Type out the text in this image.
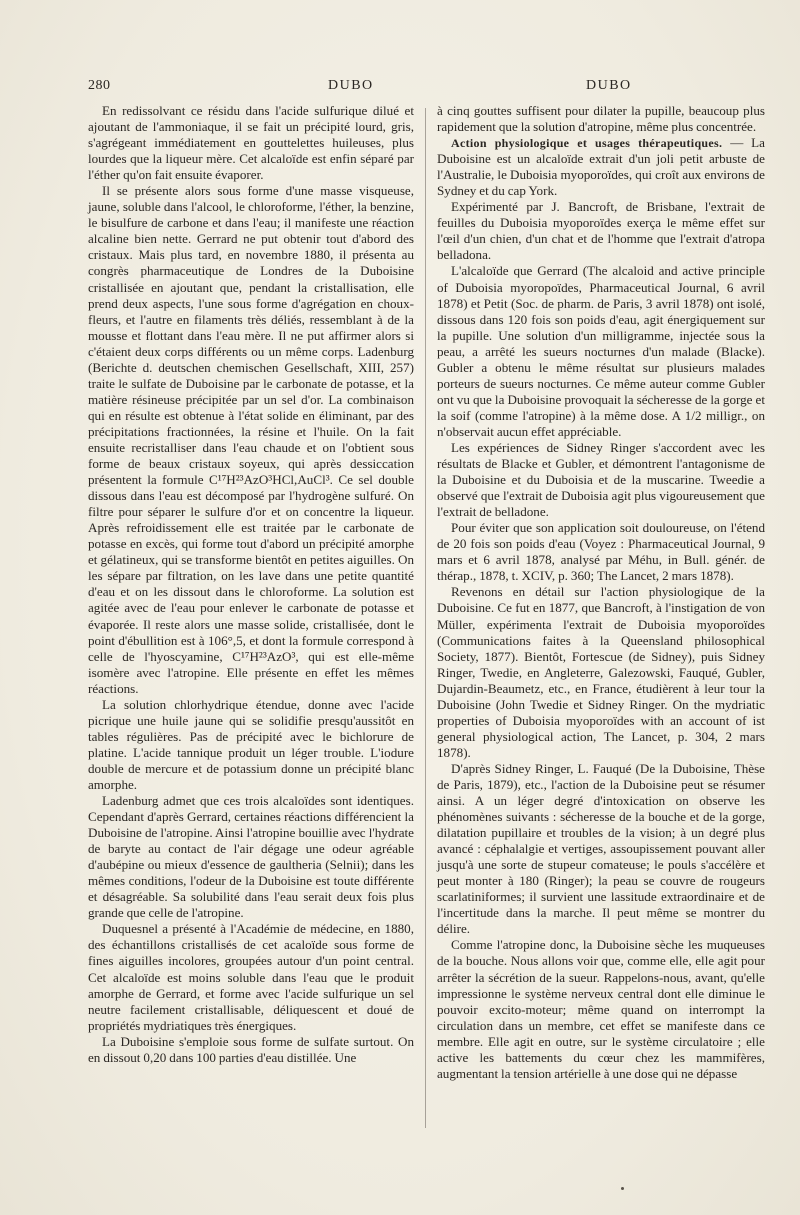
280	DUBO	DUBO

En redissolvant ce résidu dans l'acide sulfurique dilué et ajoutant de l'ammoniaque, il se fait un précipité lourd, gris, s'agrégeant immédiatement en gouttelettes huileuses, plus lourdes que la liqueur mère. Cet alcaloïde est enfin séparé par l'éther qu'on fait ensuite évaporer.

Il se présente alors sous forme d'une masse visqueuse, jaune, soluble dans l'alcool, le chloroforme, l'éther, la benzine, le bisulfure de carbone et dans l'eau; il manifeste une réaction alcaline bien nette. Gerrard ne put obtenir tout d'abord des cristaux. Mais plus tard, en novembre 1880, il présenta au congrès pharmaceutique de Londres de la Duboisine cristallisée en ajoutant que, pendant la cristallisation, elle prend deux aspects, l'une sous forme d'agrégation en choux-fleurs, et l'autre en filaments très déliés, ressemblant à de la mousse et flottant dans l'eau mère. Il ne put affirmer alors si c'étaient deux corps différents ou un même corps. Ladenburg (Berichte d. deutschen chemischen Gesellschaft, XIII, 257) traite le sulfate de Duboisine par le carbonate de potasse, et la matière résineuse précipitée par un sel d'or. La combinaison qui en résulte est obtenue à l'état solide en éliminant, par des précipitations fractionnées, la résine et l'huile. On la fait ensuite recristalliser dans l'eau chaude et on l'obtient sous forme de beaux cristaux soyeux, qui après dessiccation présentent la formule C¹⁷H²³AzO³HCl,AuCl³. Ce sel double dissous dans l'eau est décomposé par l'hydrogène sulfuré. On filtre pour séparer le sulfure d'or et on concentre la liqueur. Après refroidissement elle est traitée par le carbonate de potasse en excès, qui forme tout d'abord un précipité amorphe et gélatineux, qui se transforme bientôt en petites aiguilles. On les sépare par filtration, on les lave dans une petite quantité d'eau et on les dissout dans le chloroforme. La solution est agitée avec de l'eau pour enlever le carbonate de potasse et évaporée. Il reste alors une masse solide, cristallisée, dont le point d'ébullition est à 106°,5, et dont la formule correspond à celle de l'hyoscyamine, C¹⁷H²³AzO³, qui est elle-même isomère avec l'atropine. Elle présente en effet les mêmes réactions.

La solution chlorhydrique étendue, donne avec l'acide picrique une huile jaune qui se solidifie presqu'aussitôt en tables régulières. Pas de précipité avec le bichlorure de platine. L'acide tannique produit un léger trouble. L'iodure double de mercure et de potassium donne un précipité blanc amorphe.

Ladenburg admet que ces trois alcaloïdes sont identiques. Cependant d'après Gerrard, certaines réactions différencient la Duboisine de l'atropine. Ainsi l'atropine bouillie avec l'hydrate de baryte au contact de l'air dégage une odeur agréable d'aubépine ou mieux d'essence de gaultheria (Selnii); dans les mêmes conditions, l'odeur de la Duboisine est toute différente et désagréable. Sa solubilité dans l'eau serait deux fois plus grande que celle de l'atropine.

Duquesnel a présenté à l'Académie de médecine, en 1880, des échantillons cristallisés de cet acaloïde sous forme de fines aiguilles incolores, groupées autour d'un point central. Cet alcaloïde est moins soluble dans l'eau que le produit amorphe de Gerrard, et forme avec l'acide sulfurique un sel neutre facilement cristallisable, déliquescent et doué de propriétés mydriatiques très énergiques.

La Duboisine s'emploie sous forme de sulfate surtout. On en dissout 0,20 dans 100 parties d'eau distillée. Une

à cinq gouttes suffisent pour dilater la pupille, beaucoup plus rapidement que la solution d'atropine, même plus concentrée.

Action physiologique et usages thérapeutiques. — La Duboisine est un alcaloïde extrait d'un joli petit arbuste de l'Australie, le Duboisia myoporoïdes, qui croît aux environs de Sydney et du cap York.

Expérimenté par J. Bancroft, de Brisbane, l'extrait de feuilles du Duboisia myoporoïdes exerça le même effet sur l'œil d'un chien, d'un chat et de l'homme que l'extrait d'atropa belladona.

L'alcaloïde que Gerrard (The alcaloid and active principle of Duboisia myoropoïdes, Pharmaceutical Journal, 6 avril 1878) et Petit (Soc. de pharm. de Paris, 3 avril 1878) ont isolé, dissous dans 120 fois son poids d'eau, agit énergiquement sur la pupille. Une solution d'un milligramme, injectée sous la peau, a arrêté les sueurs nocturnes d'un malade (Blacke). Gubler a obtenu le même résultat sur plusieurs malades porteurs de sueurs nocturnes. Ce même auteur comme Gubler ont vu que la Duboisine provoquait la sécheresse de la gorge et la soif (comme l'atropine) à la même dose. A 1/2 milligr., on n'observait aucun effet appréciable.

Les expériences de Sidney Ringer s'accordent avec les résultats de Blacke et Gubler, et démontrent l'antagonisme de la Duboisine et du Duboisia et de la muscarine. Tweedie a observé que l'extrait de Duboisia agit plus vigoureusement que l'extrait de belladone.

Pour éviter que son application soit douloureuse, on l'étend de 20 fois son poids d'eau (Voyez : Pharmaceutical Journal, 9 mars et 6 avril 1878, analysé par Méhu, in Bull. génér. de thérap., 1878, t. XCIV, p. 360; The Lancet, 2 mars 1878).

Revenons en détail sur l'action physiologique de la Duboisine. Ce fut en 1877, que Bancroft, à l'instigation de von Müller, expérimenta l'extrait de Duboisia myoporoïdes (Communications faites à la Queensland philosophical Society, 1877). Bientôt, Fortescue (de Sidney), puis Sidney Ringer, Twedie, en Angleterre, Galezowski, Fauqué, Gubler, Dujardin-Beaumetz, etc., en France, étudièrent à leur tour la Duboisine (John Twedie et Sidney Ringer. On the mydriatic properties of Duboisia myoporoïdes with an account of ist general physiological action, The Lancet, p. 304, 2 mars 1878).

D'après Sidney Ringer, L. Fauqué (De la Duboisine, Thèse de Paris, 1879), etc., l'action de la Duboisine peut se résumer ainsi. A un léger degré d'intoxication on observe les phénomènes suivants : sécheresse de la bouche et de la gorge, dilatation pupillaire et troubles de la vision; à un degré plus avancé : céphalalgie et vertiges, assoupissement pouvant aller jusqu'à une sorte de stupeur comateuse; le pouls s'accélère et peut monter à 180 (Ringer); la peau se couvre de rougeurs scarlatiniformes; il survient une lassitude extraordinaire et de l'incertitude dans la marche. Il peut même se montrer du délire.

Comme l'atropine donc, la Duboisine sèche les muqueuses de la bouche. Nous allons voir que, comme elle, elle agit pour arrêter la sécrétion de la sueur. Rappelons-nous, avant, qu'elle impressionne le système nerveux central dont elle diminue le pouvoir excito-moteur; même quand on interrompt la circulation dans un membre, cet effet se manifeste dans ce membre. Elle agit en outre, sur le système circulatoire ; elle active les battements du cœur chez les mammifères, augmentant la tension artérielle à une dose qui ne dépasse
